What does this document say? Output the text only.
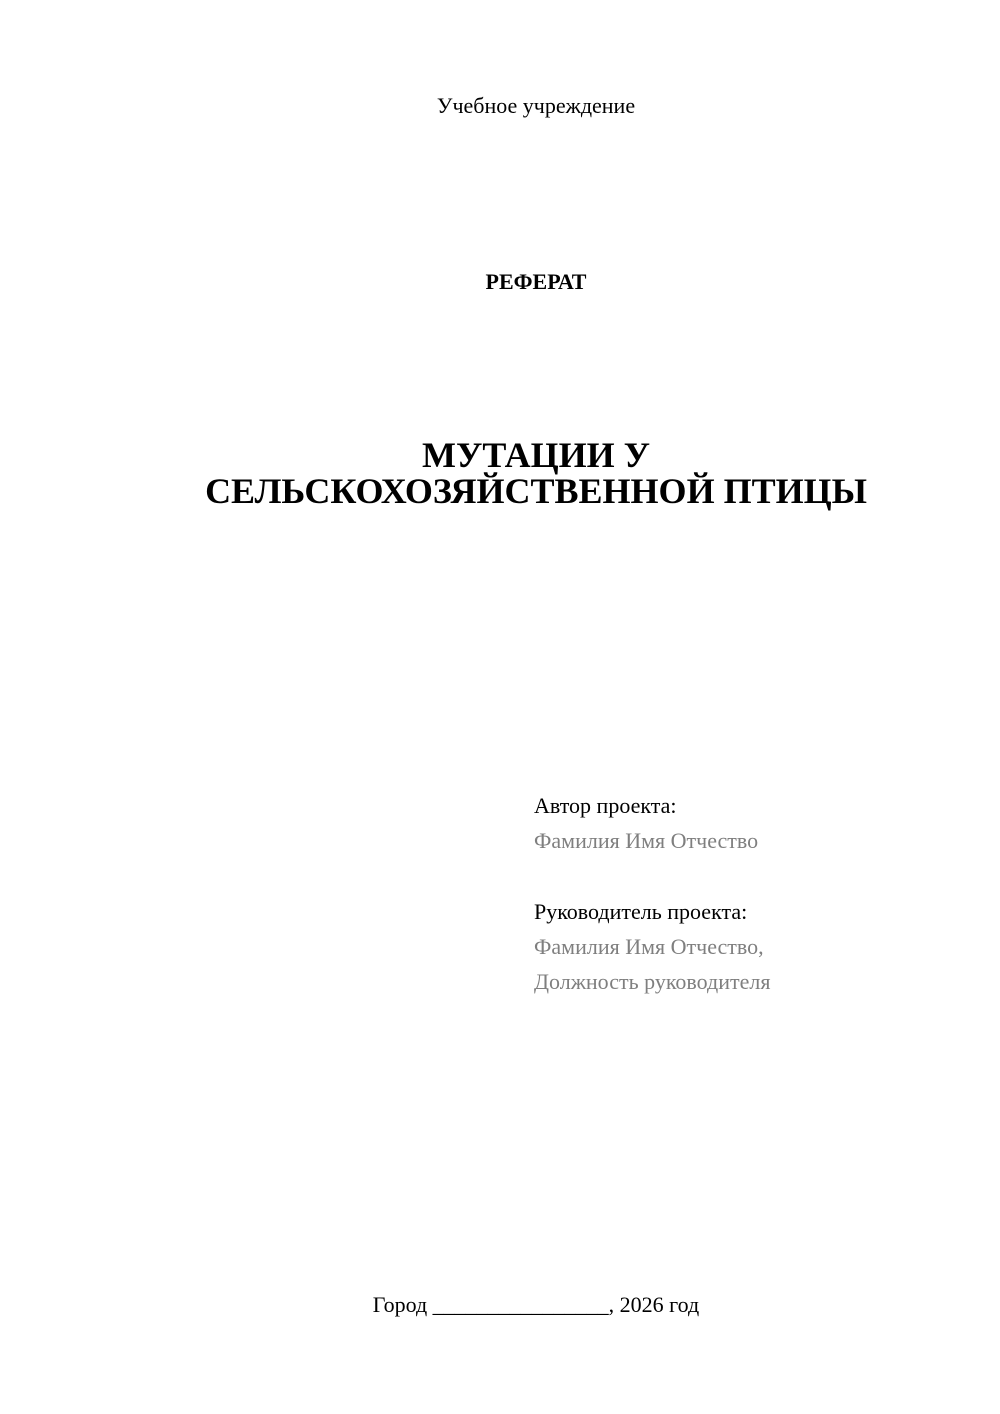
Учебное учреждение
РЕФЕРАТ
МУТАЦИИ У
СЕЛЬСКОХОЗЯЙСТВЕННОЙ ПТИЦЫ
Автор проекта:
Фамилия Имя Отчество
Руководитель проекта:
Фамилия Имя Отчество,
Должность руководителя
Город ________________, 2026 год
